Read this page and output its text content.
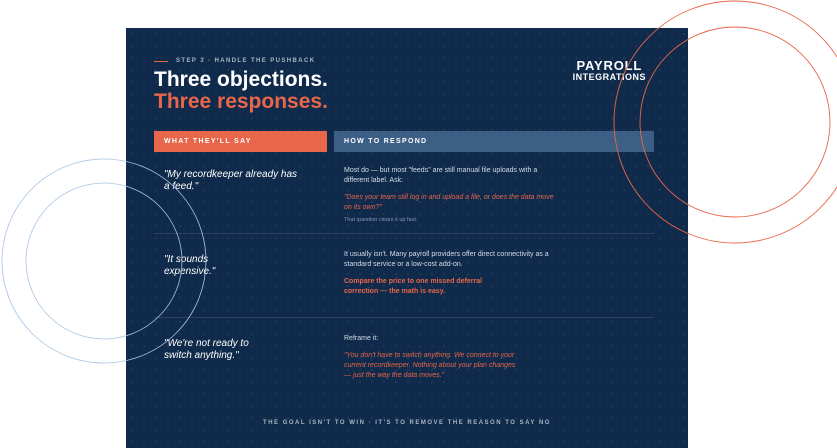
STEP 3 · HANDLE THE PUSHBACK
Three objections.
Three responses.
PAYROLL
INTEGRATIONS
WHAT THEY'LL SAY	HOW TO RESPOND
"My recordkeeper already has a feed."

Most do — but most "feeds" are still manual file uploads with a different label. Ask:

"Does your team still log in and upload a file, or does the data move on its own?"

That question clears it up fast.

"It sounds expensive."

It usually isn't. Many payroll providers offer direct connectivity as a standard service or a low-cost add-on.

Compare the price to one missed deferral correction — the math is easy.

"We're not ready to switch anything."

Reframe it:

"You don't have to switch anything. We connect to your current recordkeeper. Nothing about your plan changes — just the way the data moves."

THE GOAL ISN'T TO WIN · IT'S TO REMOVE THE REASON TO SAY NO
